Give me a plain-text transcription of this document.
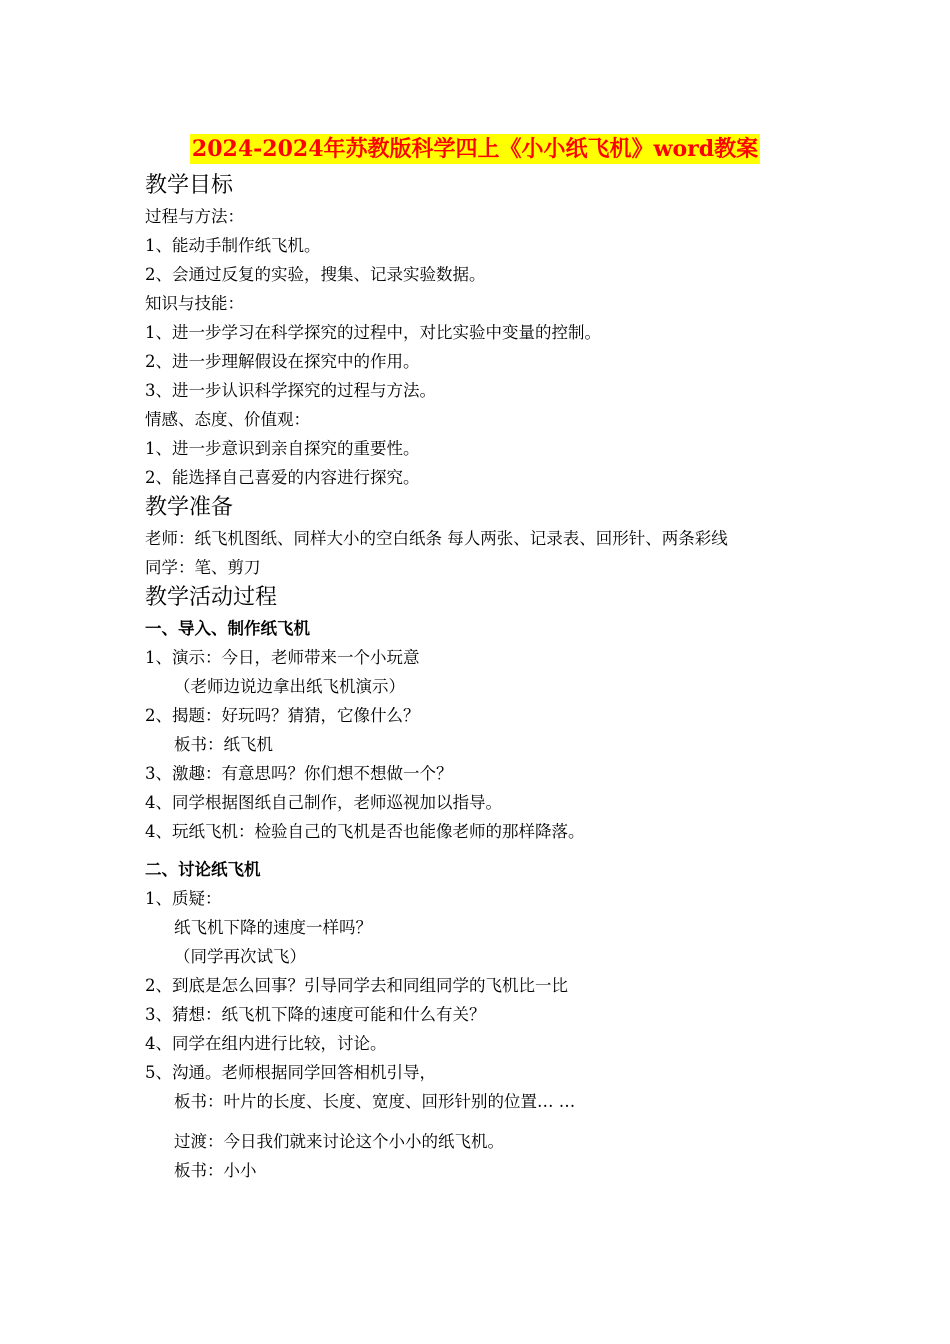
2024-2024年苏教版科学四上《小小纸飞机》word教案
教学目标
过程与方法：
1、能动手制作纸飞机。
2、会通过反复的实验，搜集、记录实验数据。
知识与技能：
1、进一步学习在科学探究的过程中，对比实验中变量的控制。
2、进一步理解假设在探究中的作用。
3、进一步认识科学探究的过程与方法。
情感、态度、价值观：
1、进一步意识到亲自探究的重要性。
2、能选择自己喜爱的内容进行探究。
教学准备
老师：纸飞机图纸、同样大小的空白纸条 每人两张、记录表、回形针、两条彩线
同学：笔、剪刀
教学活动过程
一、导入、制作纸飞机
1、演示：今日，老师带来一个小玩意
（老师边说边拿出纸飞机演示）
2、揭题：好玩吗？猜猜，它像什么？
板书：纸飞机
3、激趣：有意思吗？你们想不想做一个？
4、同学根据图纸自己制作，老师巡视加以指导。
4、玩纸飞机：检验自己的飞机是否也能像老师的那样降落。
二、讨论纸飞机
1、质疑：
纸飞机下降的速度一样吗？
（同学再次试飞）
2、到底是怎么回事？引导同学去和同组同学的飞机比一比
3、猜想：纸飞机下降的速度可能和什么有关？
4、同学在组内进行比较，讨论。
5、沟通。老师根据同学回答相机引导，
板书：叶片的长度、长度、宽度、回形针别的位置… …
过渡：今日我们就来讨论这个小小的纸飞机。
板书：小小
